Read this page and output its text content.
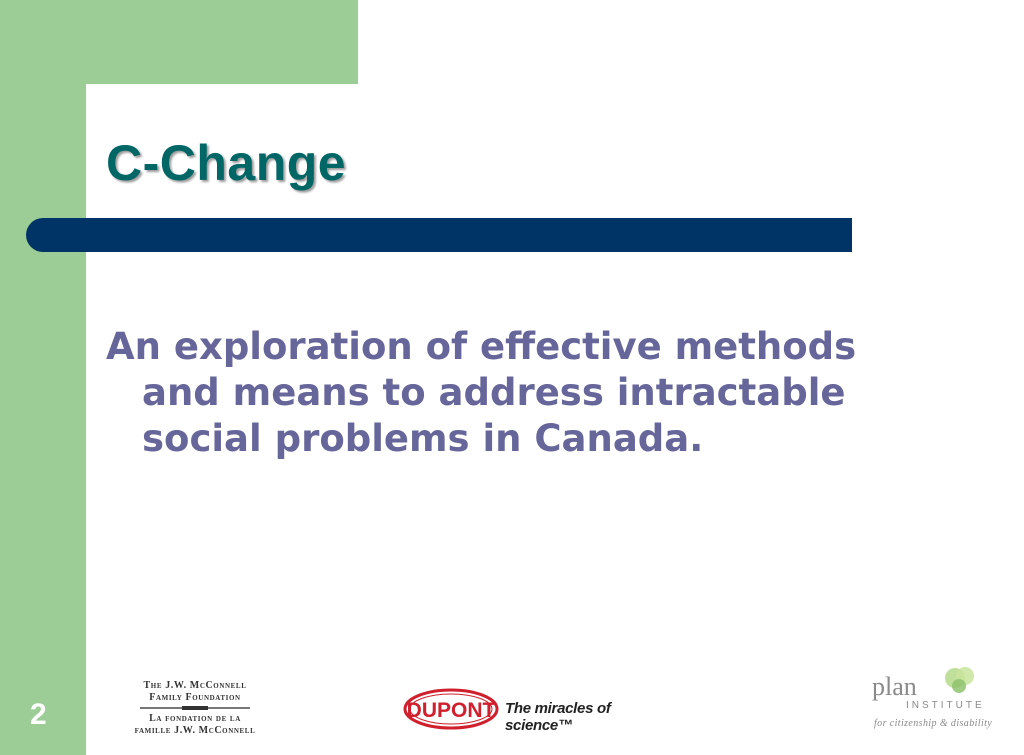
C-Change

An exploration of effective methods and means to address intractable social problems in Canada.

2
The J.W. McConnell
Family Foundation
La fondation de la
famille J.W. McConnell
DUPONT The miracles of science™

plan

INSTITUTE

for citizenship & disability
